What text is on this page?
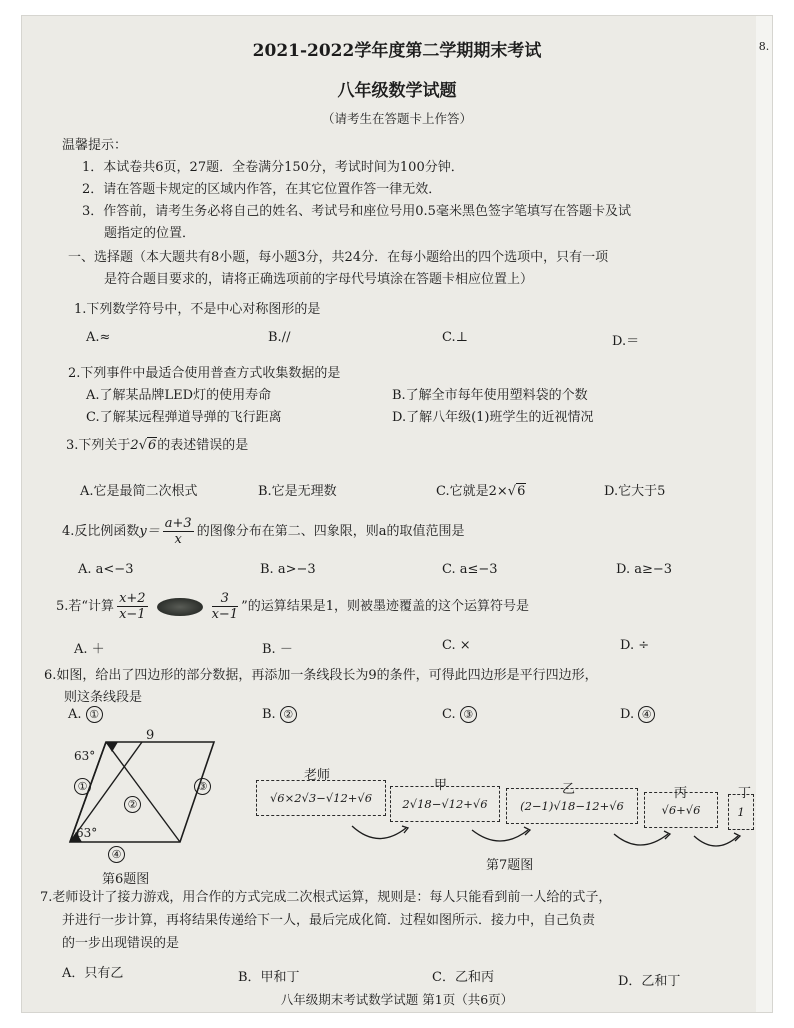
2021-2022学年度第二学期期末考试
八年级数学试题
（请考生在答题卡上作答）
温馨提示：
1．本试卷共6页，27题．全卷满分150分，考试时间为100分钟．
2．请在答题卡规定的区域内作答，在其它位置作答一律无效．
3．作答前，请考生务必将自己的姓名、考试号和座位号用0.5毫米黑色签字笔填写在答题卡及试
题指定的位置．
一、选择题（本大题共有8小题，每小题3分，共24分．在每小题给出的四个选项中，只有一项
是符合题目要求的，请将正确选项前的字母代号填涂在答题卡相应位置上）
1.下列数学符号中，不是中心对称图形的是
A.≈	B.//	C.⊥	D.＝
2.下列事件中最适合使用普查方式收集数据的是
A.了解某品牌LED灯的使用寿命	B.了解全市每年使用塑料袋的个数
C.了解某远程弹道导弹的飞行距离	D.了解八年级(1)班学生的近视情况
3.下列关于2√6的表述错误的是
A.它是最简二次根式	B.它是无理数	C.它就是2×√6	D.它大于5
4.反比例函数$y= \frac{a+3}{x}$ 的图像分布在第二、四象限，则a的取值范围是
A. a<−3	B. a>−3	C. a≤−3	D. a≥−3
5.若“计算 $\frac{x+2}{x-1}$	$\frac{3}{x-1}$ ”的运算结果是1，则被墨迹覆盖的这个运算符号是
A. ＋	B. －	C. ×	D. ÷
6.如图，给出了四边形的部分数据，再添加一条线段长为9的条件，可得此四边形是平行四边形，
则这条线段是
A. ①	B. ②	C. ③	D. ④
9
63°
63°
①
②
③
④
第6题图
老师
甲	乙	丙	丁
√6×2√3−√12+√6	2√18−√12+√6	(2−1)√18−12+√6	√6+√6	1
第7题图
7.老师设计了接力游戏，用合作的方式完成二次根式运算，规则是：每人只能看到前一人给的式子，
并进行一步计算，再将结果传递给下一人，最后完成化简．过程如图所示．接力中，自己负责
的一步出现错误的是
A．只有乙	B．甲和丁	C．乙和丙	D．乙和丁
八年级期末考试数学试题 第1页（共6页）
8.
